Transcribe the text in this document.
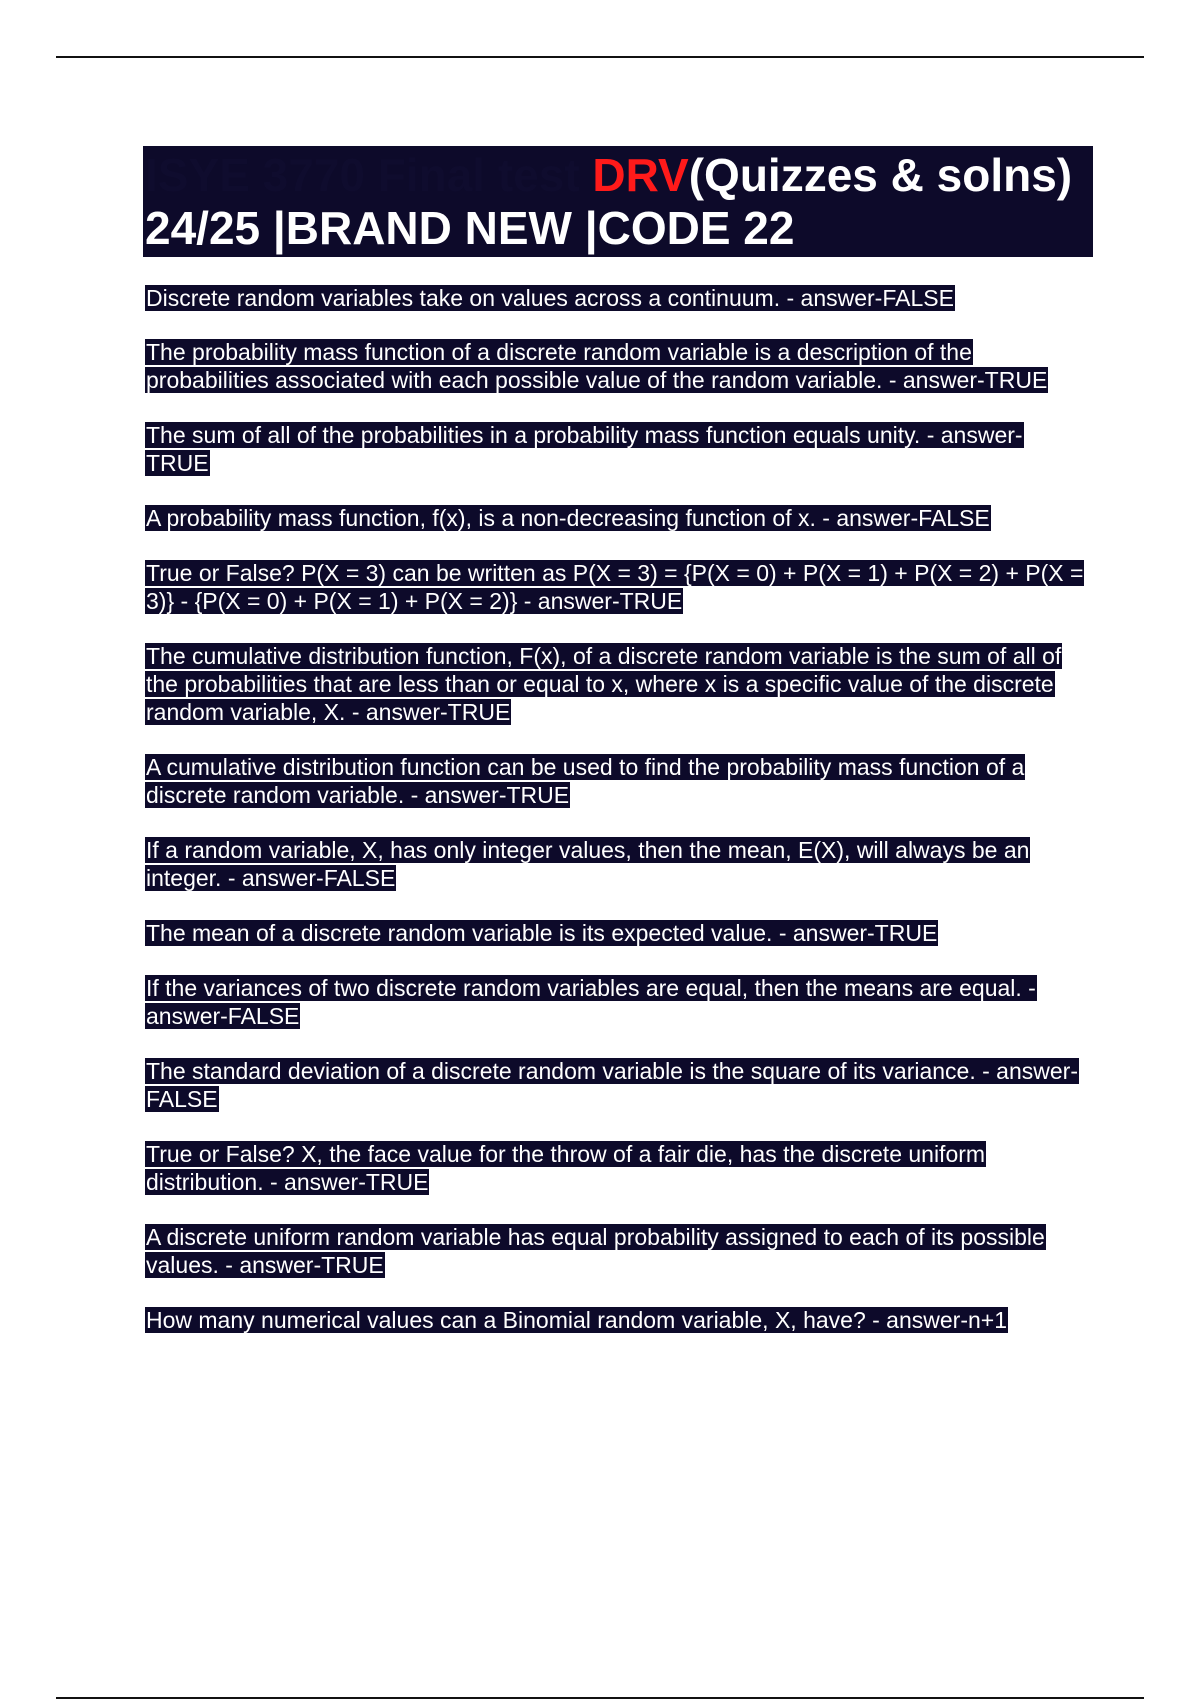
ISYE 3770 Final test DRV(Quizzes & solns) 24/25 |BRAND NEW |CODE 22
Discrete random variables take on values across a continuum. - answer-FALSE
The probability mass function of a discrete random variable is a description of the probabilities associated with each possible value of the random variable. - answer-TRUE
The sum of all of the probabilities in a probability mass function equals unity. - answer-TRUE
A probability mass function, f(x), is a non-decreasing function of x. - answer-FALSE
True or False? P(X = 3) can be written as P(X = 3) = {P(X = 0) + P(X = 1) + P(X = 2) + P(X = 3)} - {P(X = 0) + P(X = 1) + P(X = 2)} - answer-TRUE
The cumulative distribution function, F(x), of a discrete random variable is the sum of all of the probabilities that are less than or equal to x, where x is a specific value of the discrete random variable, X. - answer-TRUE
A cumulative distribution function can be used to find the probability mass function of a discrete random variable. - answer-TRUE
If a random variable, X, has only integer values, then the mean, E(X), will always be an integer. - answer-FALSE
The mean of a discrete random variable is its expected value. - answer-TRUE
If the variances of two discrete random variables are equal, then the means are equal. - answer-FALSE
The standard deviation of a discrete random variable is the square of its variance. - answer-FALSE
True or False? X, the face value for the throw of a fair die, has the discrete uniform distribution. - answer-TRUE
A discrete uniform random variable has equal probability assigned to each of its possible values. - answer-TRUE
How many numerical values can a Binomial random variable, X, have? - answer-n+1
